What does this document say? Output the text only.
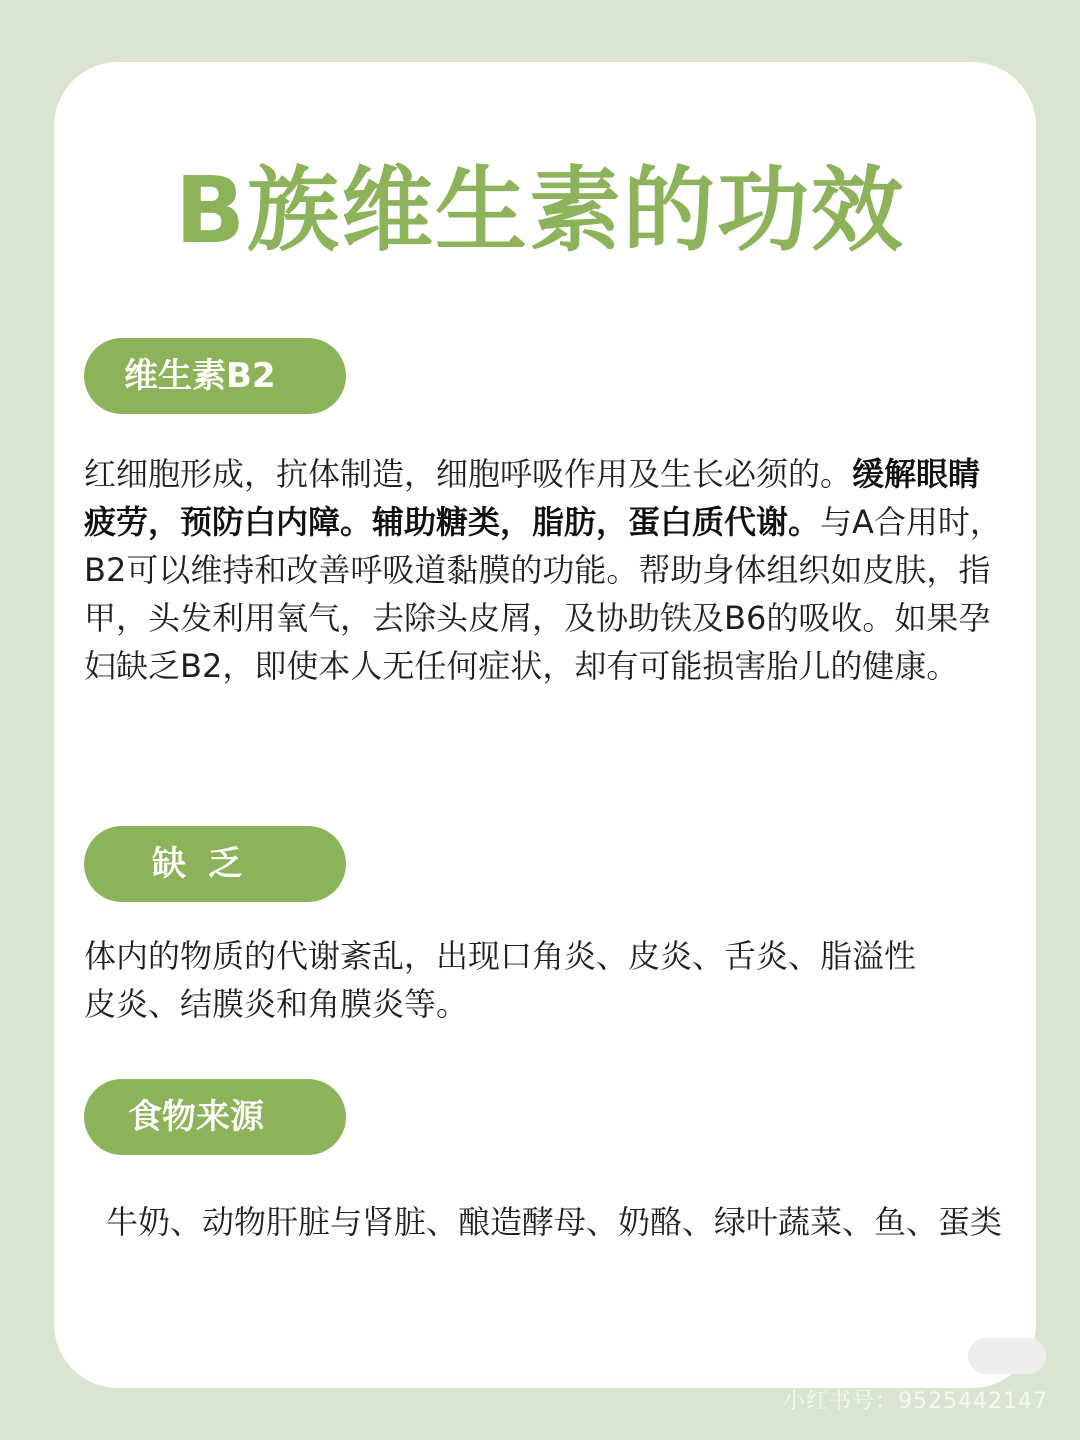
B族维生素的功效
维生素B2

红细胞形成，抗体制造，细胞呼吸作用及生长必须的。缓解眼睛疲劳，预防白内障。辅助糖类，脂肪，蛋白质代谢。与A合用时，B2可以维持和改善呼吸道黏膜的功能。帮助身体组织如皮肤，指甲，头发利用氧气，去除头皮屑，及协助铁及B6的吸收。如果孕妇缺乏B2，即使本人无任何症状，却有可能损害胎儿的健康。

缺乏

体内的物质的代谢紊乱，出现口角炎、皮炎、舌炎、脂溢性皮炎、结膜炎和角膜炎等。

食物来源

牛奶、动物肝脏与肾脏、酿造酵母、奶酪、绿叶蔬菜、鱼、蛋类

小红书号：9525442147
